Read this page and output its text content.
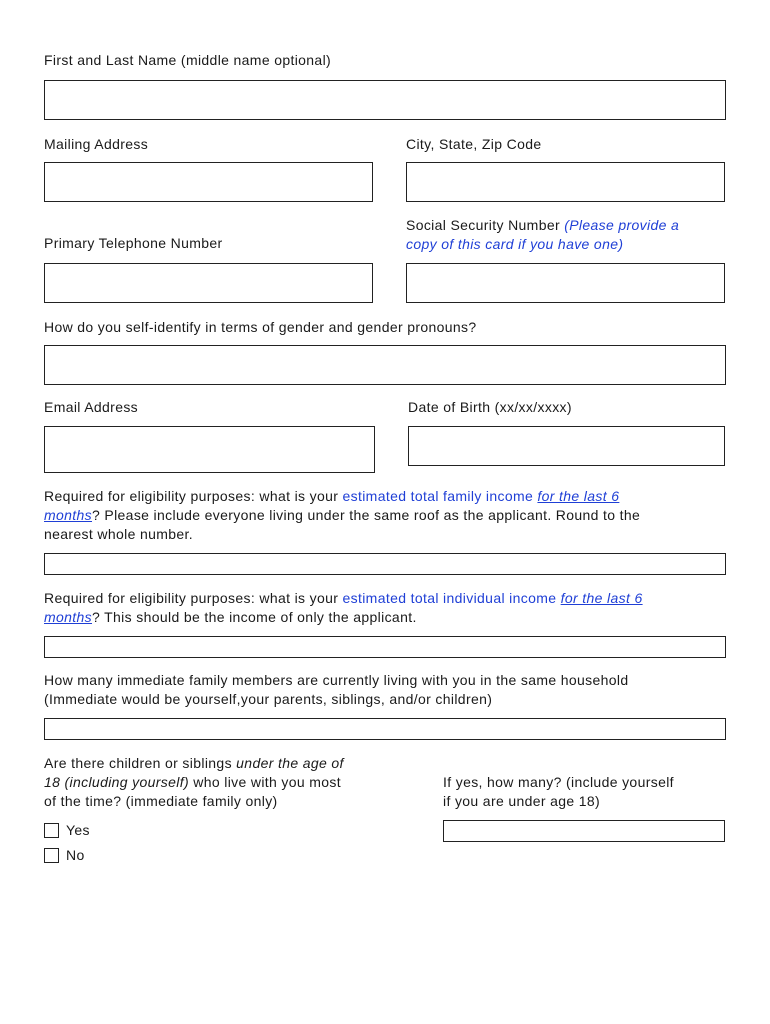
First and Last Name (middle name optional)
Mailing Address	City, State, Zip Code
Primary Telephone Number
Social Security Number (Please provide a
copy of this card if you have one)
How do you self-identify in terms of gender and gender pronouns?
Email Address	Date of Birth (xx/xx/xxxx)
Required for eligibility purposes: what is your estimated total family income for the last 6
months? Please include everyone living under the same roof as the applicant. Round to the
nearest whole number.
Required for eligibility purposes: what is your estimated total individual income for the last 6
months? This should be the income of only the applicant.
How many immediate family members are currently living with you in the same household
(Immediate would be yourself,your parents, siblings, and/or children)
Are there children or siblings under the age of
18 (including yourself) who live with you most
of the time? (immediate family only)
Yes
No
If yes, how many? (include yourself
if you are under age 18)
